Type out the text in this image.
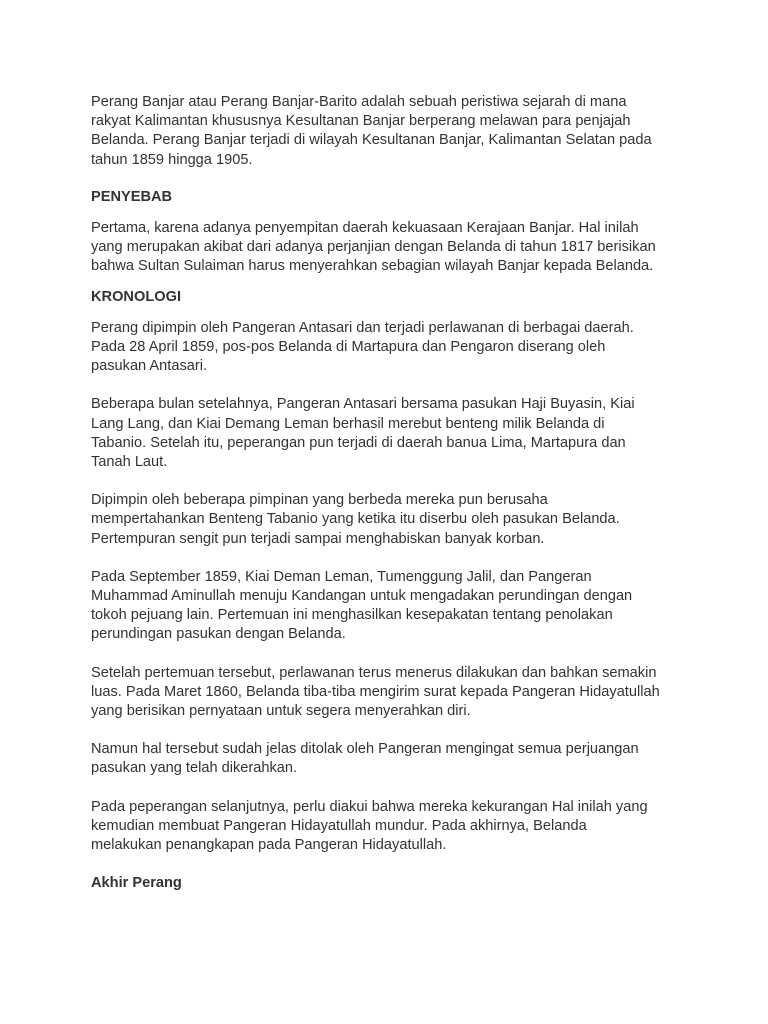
Perang Banjar atau Perang Banjar-Barito adalah sebuah peristiwa sejarah di mana
rakyat Kalimantan khususnya Kesultanan Banjar berperang melawan para penjajah
Belanda. Perang Banjar terjadi di wilayah Kesultanan Banjar, Kalimantan Selatan pada
tahun 1859 hingga 1905.

PENYEBAB

Pertama, karena adanya penyempitan daerah kekuasaan Kerajaan Banjar. Hal inilah
yang merupakan akibat dari adanya perjanjian dengan Belanda di tahun 1817 berisikan
bahwa Sultan Sulaiman harus menyerahkan sebagian wilayah Banjar kepada Belanda.

KRONOLOGI

Perang dipimpin oleh Pangeran Antasari dan terjadi perlawanan di berbagai daerah.
Pada 28 April 1859, pos-pos Belanda di Martapura dan Pengaron diserang oleh
pasukan Antasari.

Beberapa bulan setelahnya, Pangeran Antasari bersama pasukan Haji Buyasin, Kiai
Lang Lang, dan Kiai Demang Leman berhasil merebut benteng milik Belanda di
Tabanio. Setelah itu, peperangan pun terjadi di daerah banua Lima, Martapura dan
Tanah Laut.

Dipimpin oleh beberapa pimpinan yang berbeda mereka pun berusaha
mempertahankan Benteng Tabanio yang ketika itu diserbu oleh pasukan Belanda.
Pertempuran sengit pun terjadi sampai menghabiskan banyak korban.

Pada September 1859, Kiai Deman Leman, Tumenggung Jalil, dan Pangeran
Muhammad Aminullah menuju Kandangan untuk mengadakan perundingan dengan
tokoh pejuang lain. Pertemuan ini menghasilkan kesepakatan tentang penolakan
perundingan pasukan dengan Belanda.

Setelah pertemuan tersebut, perlawanan terus menerus dilakukan dan bahkan semakin
luas. Pada Maret 1860, Belanda tiba-tiba mengirim surat kepada Pangeran Hidayatullah
yang berisikan pernyataan untuk segera menyerahkan diri.

Namun hal tersebut sudah jelas ditolak oleh Pangeran mengingat semua perjuangan
pasukan yang telah dikerahkan.

Pada peperangan selanjutnya, perlu diakui bahwa mereka kekurangan Hal inilah yang
kemudian membuat Pangeran Hidayatullah mundur. Pada akhirnya, Belanda
melakukan penangkapan pada Pangeran Hidayatullah.

Akhir Perang
